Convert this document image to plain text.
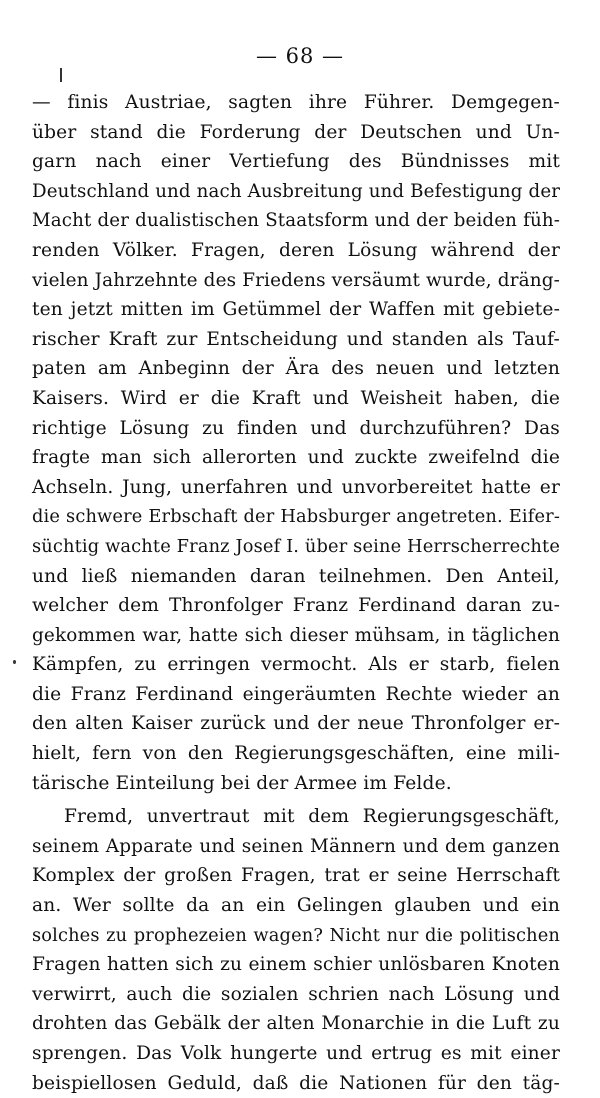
— 68 —
— finis Austriae, sagten ihre Führer. Demgegen-
über stand die Forderung der Deutschen und Un-
garn nach einer Vertiefung des Bündnisses mit
Deutschland und nach Ausbreitung und Befestigung der
Macht der dualistischen Staatsform und der beiden füh-
renden Völker. Fragen, deren Lösung während der
vielen Jahrzehnte des Friedens versäumt wurde, dräng-
ten jetzt mitten im Getümmel der Waffen mit gebiete-
rischer Kraft zur Entscheidung und standen als Tauf-
paten am Anbeginn der Ära des neuen und letzten
Kaisers. Wird er die Kraft und Weisheit haben, die
richtige Lösung zu finden und durchzuführen? Das
fragte man sich allerorten und zuckte zweifelnd die
Achseln. Jung, unerfahren und unvorbereitet hatte er
die schwere Erbschaft der Habsburger angetreten. Eifer-
süchtig wachte Franz Josef I. über seine Herrscherrechte
und ließ niemanden daran teilnehmen. Den Anteil,
welcher dem Thronfolger Franz Ferdinand daran zu-
gekommen war, hatte sich dieser mühsam, in täglichen
Kämpfen, zu erringen vermocht. Als er starb, fielen
die Franz Ferdinand eingeräumten Rechte wieder an
den alten Kaiser zurück und der neue Thronfolger er-
hielt, fern von den Regierungsgeschäften, eine mili-
tärische Einteilung bei der Armee im Felde.
Fremd, unvertraut mit dem Regierungsgeschäft,
seinem Apparate und seinen Männern und dem ganzen
Komplex der großen Fragen, trat er seine Herrschaft
an. Wer sollte da an ein Gelingen glauben und ein
solches zu prophezeien wagen? Nicht nur die politischen
Fragen hatten sich zu einem schier unlösbaren Knoten
verwirrt, auch die sozialen schrien nach Lösung und
drohten das Gebälk der alten Monarchie in die Luft zu
sprengen. Das Volk hungerte und ertrug es mit einer
beispiellosen Geduld, daß die Nationen für den täg-
